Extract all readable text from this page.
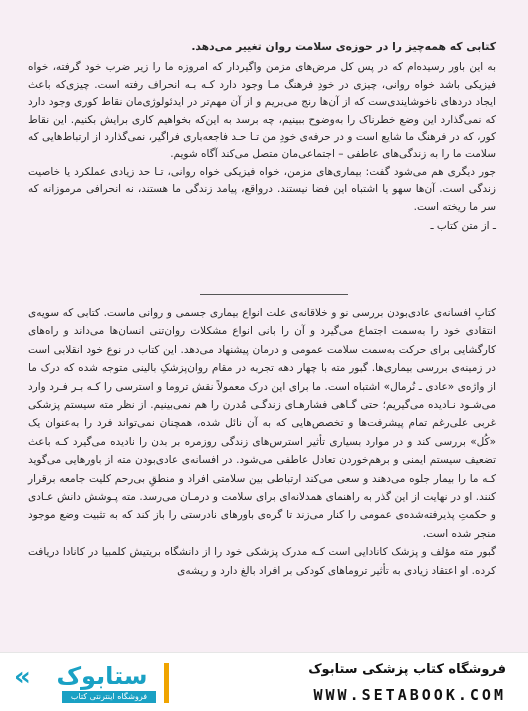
کتابی که همه‌چیز را در حوزه‌ی سلامت روان تغییر می‌دهد.

به این باور رسیده‌ام که در پس کل مرض‌های مزمن واگیردار که امروزه ما را زیر ضرب خود گرفته، خواه فیزیکی باشد خواه روانی، چیزی در خودِ فرهنگ مـا وجود دارد کـه بـه انحراف رفته است. چیزی‌که باعث ایجاد دردهای ناخوشایندی‌ست که از آن‌ها رنج می‌بریم و از آن مهم‌تر در ایدئولوژی‌مان نقاط کوری وجود دارد که نمی‌گذارد این وضع خطرناک را به‌وضوح ببینیم، چه برسد به این‌که بخواهیم کاری برایش بکنیم. این نقاط کور، که در فرهنگ ما شایع است و در حرفه‌ی خودِ من تـا حـد فاجعه‌باری فراگیر، نمی‌گذارد از ارتباط‌هایی که سلامت ما را به زندگی‌های عاطفی – اجتماعی‌مان متصل می‌کند آگاه شویم.

جور دیگری هم می‌شود گفت: بیماری‌های مزمن، خواه فیزیکی خواه روانی، تـا حد زیادی عملکرد یا خاصیت زندگی است. آن‌ها سهو یا اشتباه این فضا نیستند. درواقع، پیامد زندگی ما هستند، نه انحرافی مرموزانه که سر ما ریخته است.

ـ از متن کتاب ـ

کتابِ افسانه‌ی عادی‌بودن بررسی نو و خلاقانه‌ی علت انواع بیماری جسمی و روانی ماست. کتابی که سویه‌ی انتقادی خود را به‌سمت اجتماع می‌گیرد و آن را بانی انواع مشکلات روان‌تنی انسان‌ها می‌داند و راه‌های کارگشایی برای حرکت به‌سمت سلامت عمومی و درمان پیشنهاد می‌دهد. این کتاب در نوع خود انقلابی است در زمینه‌ی بررسی بیماری‌ها. گبور مته با چهار دهه تجربه در مقام روان‌پزشکِ بالینی متوجه شده که درک ما از واژه‌ی «عادی ـ نُرمال» اشتباه است. ما برای این درک معمولاً نقش تروما و استرسی را کـه بـر فـرد وارد می‌شـود نـادیده می‌گیریم؛ حتی گـاهی فشارهـای زندگـی مُدرن را هم نمی‌بینیم. از نظر مته سیستم پزشکی غربی علی‌رغم تمام پیشرفت‌ها و تخصص‌هایی که به آن نائل شده، همچنان نمی‌تواند فرد را به‌عنوان یک «کُل» بررسی کند و در موارد بسیاری تأثیر استرس‌های زندگی روزمره بر بدن را نادیده می‌گیرد کـه باعث تضعیف سیستم ایمنی و برهم‌خوردن تعادل عاطفی می‌شود. در افسانه‌ی عادی‌بودن مته از باورهایی می‌گوید کـه ما را بیمار جلوه می‌دهند و سعی می‌کند ارتباطی بین سلامتی افراد و منطقِ بی‌رحم کلیت جامعه برقرار کنند. او در نهایت از این گذر به راهنمای همدلانه‌ای برای سلامت و درمـان می‌رسد. مته پـوشش دانش عـادی و حکمتِ پذیرفته‌شده‌ی عمومی را کنار می‌زند تا گره‌ی باورهای نادرستی را باز کند که به تثبیت وضع موجود منجر شده است.

گبور مته مؤلف و پزشک کانادایی است کـه مدرک پزشکی خود را از دانشگاه بریتیش کلمبیا در کانادا دریافت کرده. او اعتقاد زیادی به تأثیر تروماهای کودکی بر افراد بالغ دارد و ریشه‌ی

«	ستابوک
فروشگاه اینترنتی کتاب
فروشگاه کتاب پزشکی ستابوک
WWW.SETABOOK.COM
